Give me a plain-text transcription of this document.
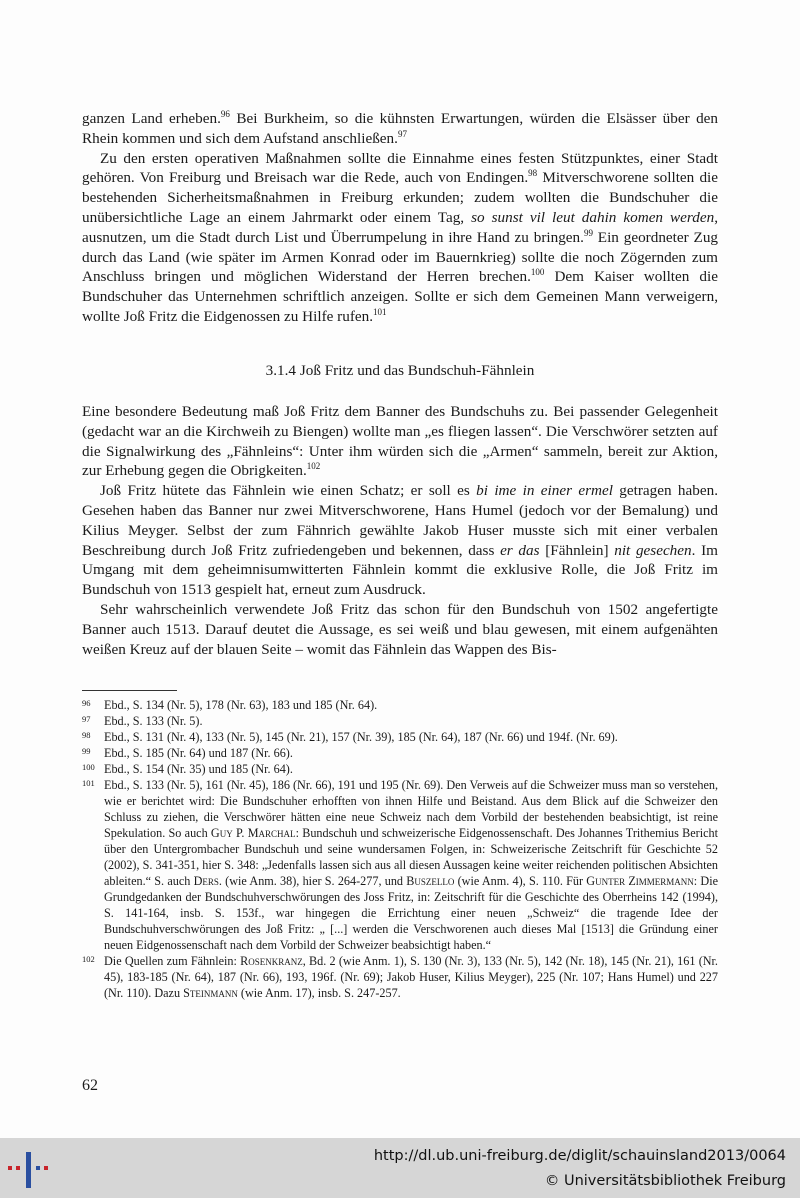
ganzen Land erheben.$^{96}$ Bei Burkheim, so die kühnsten Erwartungen, würden die Elsässer über den Rhein kommen und sich dem Aufstand anschließen.$^{97}$

Zu den ersten operativen Maßnahmen sollte die Einnahme eines festen Stützpunktes, einer Stadt gehören. Von Freiburg und Breisach war die Rede, auch von Endingen.$^{98}$ Mitverschworene sollten die bestehenden Sicherheitsmaßnahmen in Freiburg erkunden; zudem wollten die Bundschuher die unübersichtliche Lage an einem Jahrmarkt oder einem Tag, so sunst vil leut dahin komen werden, ausnutzen, um die Stadt durch List und Überrumpelung in ihre Hand zu bringen.$^{99}$ Ein geordneter Zug durch das Land (wie später im Armen Konrad oder im Bauernkrieg) sollte die noch Zögernden zum Anschluss bringen und möglichen Widerstand der Herren brechen.$^{100}$ Dem Kaiser wollten die Bundschuher das Unternehmen schriftlich anzeigen. Sollte er sich dem Gemeinen Mann verweigern, wollte Joß Fritz die Eidgenossen zu Hilfe rufen.$^{101}$

3.1.4 Joß Fritz und das Bundschuh-Fähnlein

Eine besondere Bedeutung maß Joß Fritz dem Banner des Bundschuhs zu. Bei passender Gelegenheit (gedacht war an die Kirchweih zu Biengen) wollte man „es fliegen lassen“. Die Verschwörer setzten auf die Signalwirkung des „Fähnleins“: Unter ihm würden sich die „Armen“ sammeln, bereit zur Aktion, zur Erhebung gegen die Obrigkeiten.$^{102}$

Joß Fritz hütete das Fähnlein wie einen Schatz; er soll es bi ime in einer ermel getragen haben. Gesehen haben das Banner nur zwei Mitverschworene, Hans Humel (jedoch vor der Bemalung) und Kilius Meyger. Selbst der zum Fähnrich gewählte Jakob Huser musste sich mit einer verbalen Beschreibung durch Joß Fritz zufriedengeben und bekennen, dass er das [Fähnlein] nit gesechen. Im Umgang mit dem geheimnisumwitterten Fähnlein kommt die exklusive Rolle, die Joß Fritz im Bundschuh von 1513 gespielt hat, erneut zum Ausdruck.

Sehr wahrscheinlich verwendete Joß Fritz das schon für den Bundschuh von 1502 angefertigte Banner auch 1513. Darauf deutet die Aussage, es sei weiß und blau gewesen, mit einem aufgenähten weißen Kreuz auf der blauen Seite – womit das Fähnlein das Wappen des Bis-

96 Ebd., S. 134 (Nr. 5), 178 (Nr. 63), 183 und 185 (Nr. 64).

97 Ebd., S. 133 (Nr. 5).

98 Ebd., S. 131 (Nr. 4), 133 (Nr. 5), 145 (Nr. 21), 157 (Nr. 39), 185 (Nr. 64), 187 (Nr. 66) und 194f. (Nr. 69).

99 Ebd., S. 185 (Nr. 64) und 187 (Nr. 66).

100 Ebd., S. 154 (Nr. 35) und 185 (Nr. 64).

101 Ebd., S. 133 (Nr. 5), 161 (Nr. 45), 186 (Nr. 66), 191 und 195 (Nr. 69). Den Verweis auf die Schweizer muss man so verstehen, wie er berichtet wird: Die Bundschuher erhofften von ihnen Hilfe und Beistand. Aus dem Blick auf die Schweizer den Schluss zu ziehen, die Verschwörer hätten eine neue Schweiz nach dem Vorbild der bestehenden beabsichtigt, ist reine Spekulation. So auch Guy P. Marchal: Bundschuh und schweizerische Eidgenossenschaft. Des Johannes Trithemius Bericht über den Untergrombacher Bundschuh und seine wundersamen Folgen, in: Schweizerische Zeitschrift für Geschichte 52 (2002), S. 341-351, hier S. 348: „Jedenfalls lassen sich aus all diesen Aussagen keine weiter reichenden politischen Absichten ableiten.“ S. auch Ders. (wie Anm. 38), hier S. 264-277, und Buszello (wie Anm. 4), S. 110. Für Gunter Zimmermann: Die Grundgedanken der Bundschuhverschwörungen des Joss Fritz, in: Zeitschrift für die Geschichte des Oberrheins 142 (1994), S. 141-164, insb. S. 153f., war hingegen die Errichtung einer neuen „Schweiz“ die tragende Idee der Bundschuhverschwörungen des Joß Fritz: „ [...] werden die Verschworenen auch dieses Mal [1513] die Gründung einer neuen Eidgenossenschaft nach dem Vorbild der Schweizer beabsichtigt haben.“

102 Die Quellen zum Fähnlein: Rosenkranz, Bd. 2 (wie Anm. 1), S. 130 (Nr. 3), 133 (Nr. 5), 142 (Nr. 18), 145 (Nr. 21), 161 (Nr. 45), 183-185 (Nr. 64), 187 (Nr. 66), 193, 196f. (Nr. 69); Jakob Huser, Kilius Meyger), 225 (Nr. 107; Hans Humel) und 227 (Nr. 110). Dazu Steinmann (wie Anm. 17), insb. S. 247-257.

62
http://dl.ub.uni-freiburg.de/diglit/schauinsland2013/0064
© Universitätsbibliothek Freiburg
